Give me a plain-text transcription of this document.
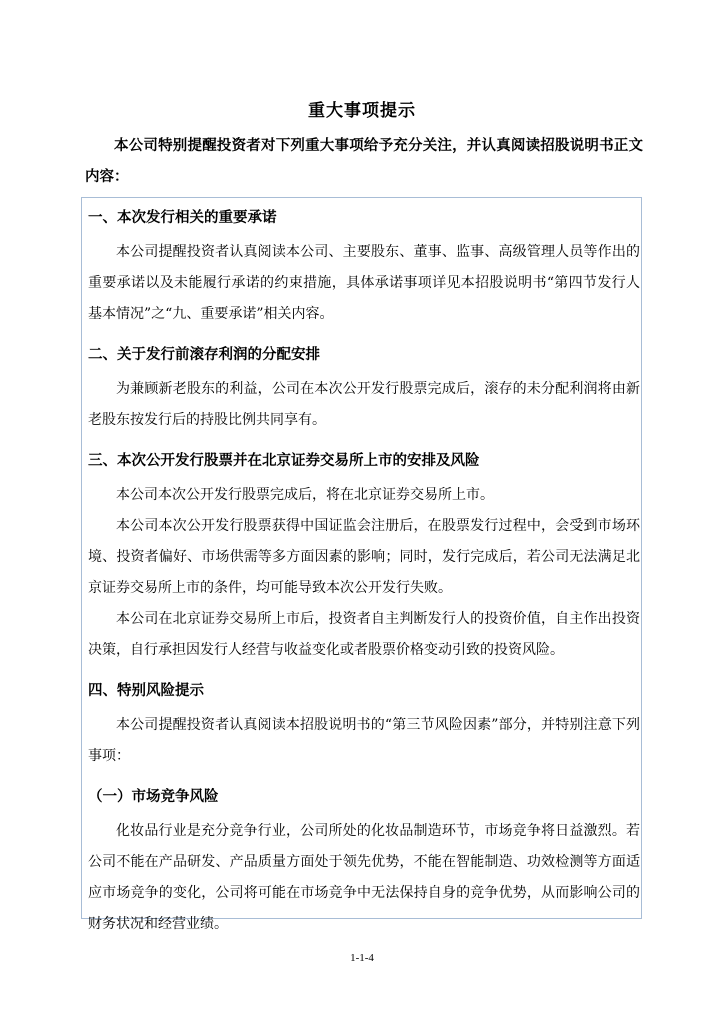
重大事项提示

本公司特别提醒投资者对下列重大事项给予充分关注，并认真阅读招股说明书正文内容：

一、本次发行相关的重要承诺

本公司提醒投资者认真阅读本公司、主要股东、董事、监事、高级管理人员等作出的重要承诺以及未能履行承诺的约束措施，具体承诺事项详见本招股说明书“第四节发行人基本情况”之“九、重要承诺”相关内容。

二、关于发行前滚存利润的分配安排

为兼顾新老股东的利益，公司在本次公开发行股票完成后，滚存的未分配利润将由新老股东按发行后的持股比例共同享有。

三、本次公开发行股票并在北京证券交易所上市的安排及风险

本公司本次公开发行股票完成后，将在北京证券交易所上市。

本公司本次公开发行股票获得中国证监会注册后，在股票发行过程中，会受到市场环境、投资者偏好、市场供需等多方面因素的影响；同时，发行完成后，若公司无法满足北京证券交易所上市的条件，均可能导致本次公开发行失败。

本公司在北京证券交易所上市后，投资者自主判断发行人的投资价值，自主作出投资决策，自行承担因发行人经营与收益变化或者股票价格变动引致的投资风险。

四、特别风险提示

本公司提醒投资者认真阅读本招股说明书的“第三节风险因素”部分，并特别注意下列事项：

（一）市场竞争风险

化妆品行业是充分竞争行业，公司所处的化妆品制造环节，市场竞争将日益激烈。若公司不能在产品研发、产品质量方面处于领先优势，不能在智能制造、功效检测等方面适应市场竞争的变化，公司将可能在市场竞争中无法保持自身的竞争优势，从而影响公司的财务状况和经营业绩。

1-1-4
